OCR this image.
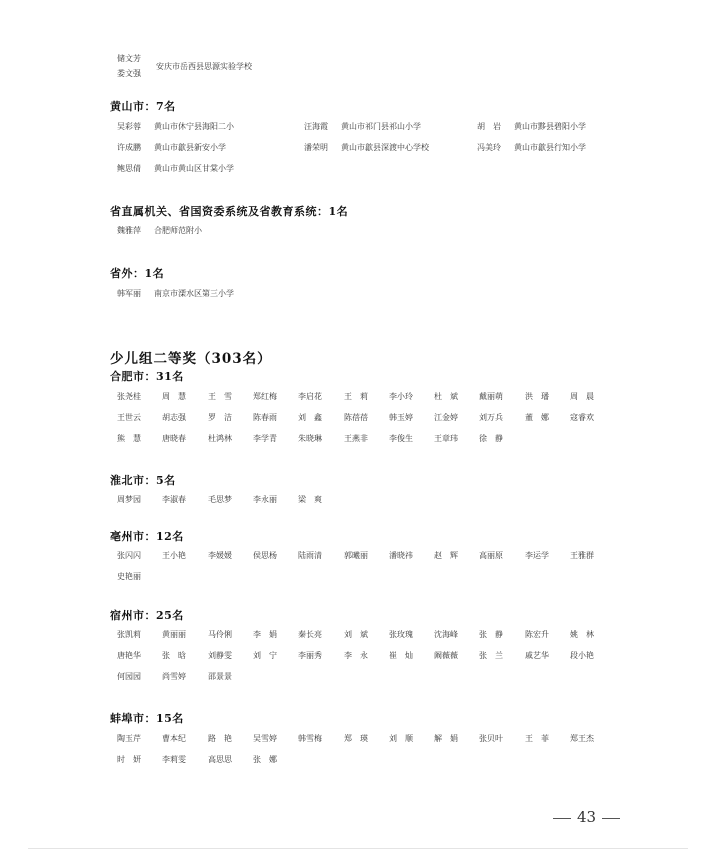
储文芳
娄文强
安庆市岳西县思源实验学校
黄山市：7名
吴彩蓉 黄山市休宁县海阳二小	汪海霞 黄山市祁门县祁山小学	胡　岩 黄山市黟县碧阳小学
许成鹏 黄山市歙县新安小学	潘荣明 黄山市歙县深渡中心学校	冯美玲 黄山市歙县行知小学
鲍思倩 黄山市黄山区甘棠小学
省直属机关、省国资委系统及省教育系统：1名
魏雅萍 合肥师范附小
省外：1名
韩军丽 南京市溧水区第三小学
少儿组二等奖（303名）
合肥市：31名
张尧桂	周　慧	王　雪	郑红梅	李启花	王　莉	李小玲	杜　斌	戴丽萌	洪　璠	周　晨
王世云	胡志强	罗　洁	陈春雨	刘　鑫	陈蓓蓓	韩玉婷	江金婷	刘万兵	董　娜	寇睿欢
熊　慧	唐晓春	杜鸿林	李学青	朱晓琳	王燕非	李俊生	王章玮	徐　静
淮北市：5名
周梦园	李淑春	毛思梦	李永丽	梁　爽
亳州市：12名
张闪闪	王小艳	李媛媛	侯思杨	陆雨清	郭曦丽	潘晓祎	赵　辉	高丽原	李运学	王雅群
史艳丽
宿州市：25名
张凯莉	黄丽丽	马伶俐	李　娟	秦长亮	刘　斌	张玫瑰	沈海峰	张　静	陈宏升	姚　林
唐艳华	张　晗	刘静雯	刘　宁	李丽秀	李　永	崔　灿	阚薇薇	张　兰	戚艺华	段小艳
何园园	尚雪婷	邵景景
蚌埠市：15名
陶玉芹	曹本纪	路　艳	吴雪婷	韩雪梅	郑　瑛	刘　顺	解　娟	张贝叶	王　菲	郑王杰
时　妍	李莉雯	高思思	张　娜
43
